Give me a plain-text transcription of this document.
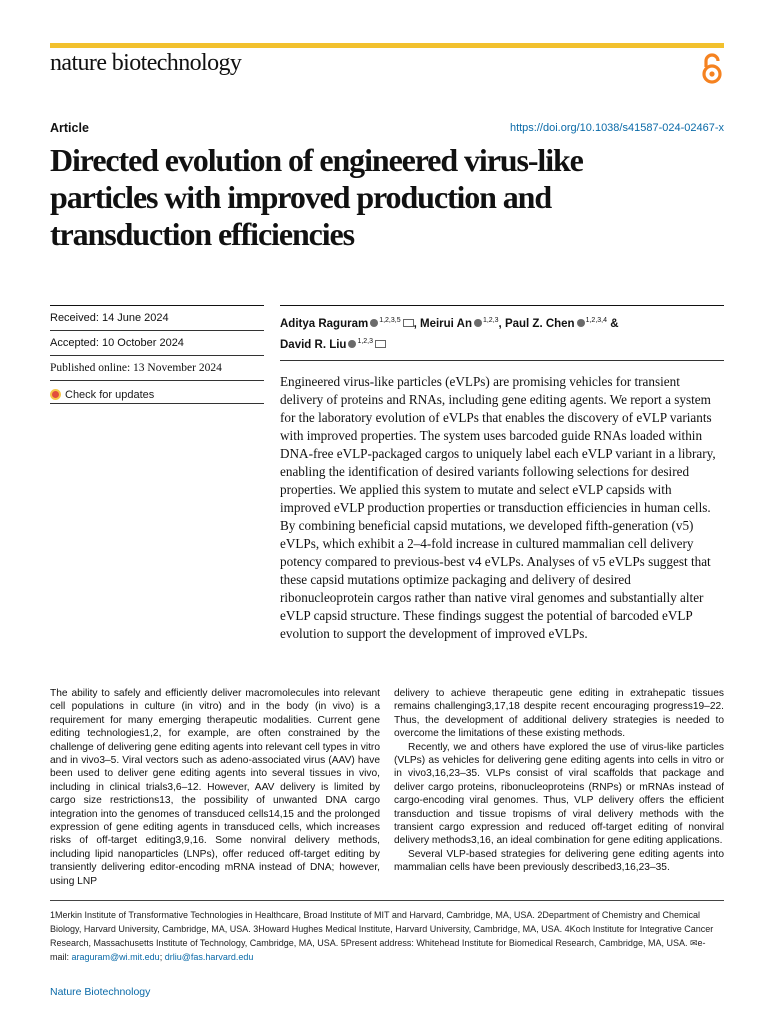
nature biotechnology
Article	https://doi.org/10.1038/s41587-024-02467-x
Directed evolution of engineered virus-like
particles with improved production and
transduction efficiencies
Received: 14 June 2024
Accepted: 10 October 2024
Published online: 13 November 2024
Check for updates
Aditya Raguram $^{1,2,3,5}$ , Meirui An $^{1,2,3}$, Paul Z. Chen $^{1,2,3,4}$ &
David R. Liu $^{1,2,3}$

Engineered virus-like particles (eVLPs) are promising vehicles for transient delivery of proteins and RNAs, including gene editing agents. We report a system for the laboratory evolution of eVLPs that enables the discovery of eVLP variants with improved properties. The system uses barcoded guide RNAs loaded within DNA-free eVLP-packaged cargos to uniquely label each eVLP variant in a library, enabling the identification of desired variants following selections for desired properties. We applied this system to mutate and select eVLP capsids with improved eVLP production properties or transduction efficiencies in human cells. By combining beneficial capsid mutations, we developed fifth-generation (v5) eVLPs, which exhibit a 2–4-fold increase in cultured mammalian cell delivery potency compared to previous-best v4 eVLPs. Analyses of v5 eVLPs suggest that these capsid mutations optimize packaging and delivery of desired ribonucleoprotein cargos rather than native viral genomes and substantially alter eVLP capsid structure. These findings suggest the potential of barcoded eVLP evolution to support the development of improved eVLPs.

The ability to safely and efficiently deliver macromolecules into relevant cell populations in culture (in vitro) and in the body (in vivo) is a requirement for many emerging therapeutic modalities. Current gene editing technologies1,2, for example, are often constrained by the challenge of delivering gene editing agents into relevant cell types in vitro and in vivo3–5. Viral vectors such as adeno-associated virus (AAV) have been used to deliver gene editing agents into several tissues in vivo, including in clinical trials3,6–12. However, AAV delivery is limited by cargo size restrictions13, the possibility of unwanted DNA cargo integration into the genomes of transduced cells14,15 and the prolonged expression of gene editing agents in transduced cells, which increases risks of off-target editing3,9,16. Some nonviral delivery methods, including lipid nanoparticles (LNPs), offer reduced off-target editing by transiently delivering editor-encoding mRNA instead of DNA; however, using LNP

delivery to achieve therapeutic gene editing in extrahepatic tissues remains challenging3,17,18 despite recent encouraging progress19–22. Thus, the development of additional delivery strategies is needed to overcome the limitations of these existing methods.

Recently, we and others have explored the use of virus-like particles (VLPs) as vehicles for delivering gene editing agents into cells in vitro or in vivo3,16,23–35. VLPs consist of viral scaffolds that package and deliver cargo proteins, ribonucleoproteins (RNPs) or mRNAs instead of cargo-encoding viral genomes. Thus, VLP delivery offers the efficient transduction and tissue tropisms of viral delivery methods with the transient cargo expression and reduced off-target editing of nonviral delivery methods3,16, an ideal combination for gene editing applications.

Several VLP-based strategies for delivering gene editing agents into mammalian cells have been previously described3,16,23–35.

1Merkin Institute of Transformative Technologies in Healthcare, Broad Institute of MIT and Harvard, Cambridge, MA, USA. 2Department of Chemistry and Chemical Biology, Harvard University, Cambridge, MA, USA. 3Howard Hughes Medical Institute, Harvard University, Cambridge, MA, USA. 4Koch Institute for Integrative Cancer Research, Massachusetts Institute of Technology, Cambridge, MA, USA. 5Present address: Whitehead Institute for Biomedical Research, Cambridge, MA, USA. ✉e-mail: araguram@wi.mit.edu; drliu@fas.harvard.edu
Nature Biotechnology
